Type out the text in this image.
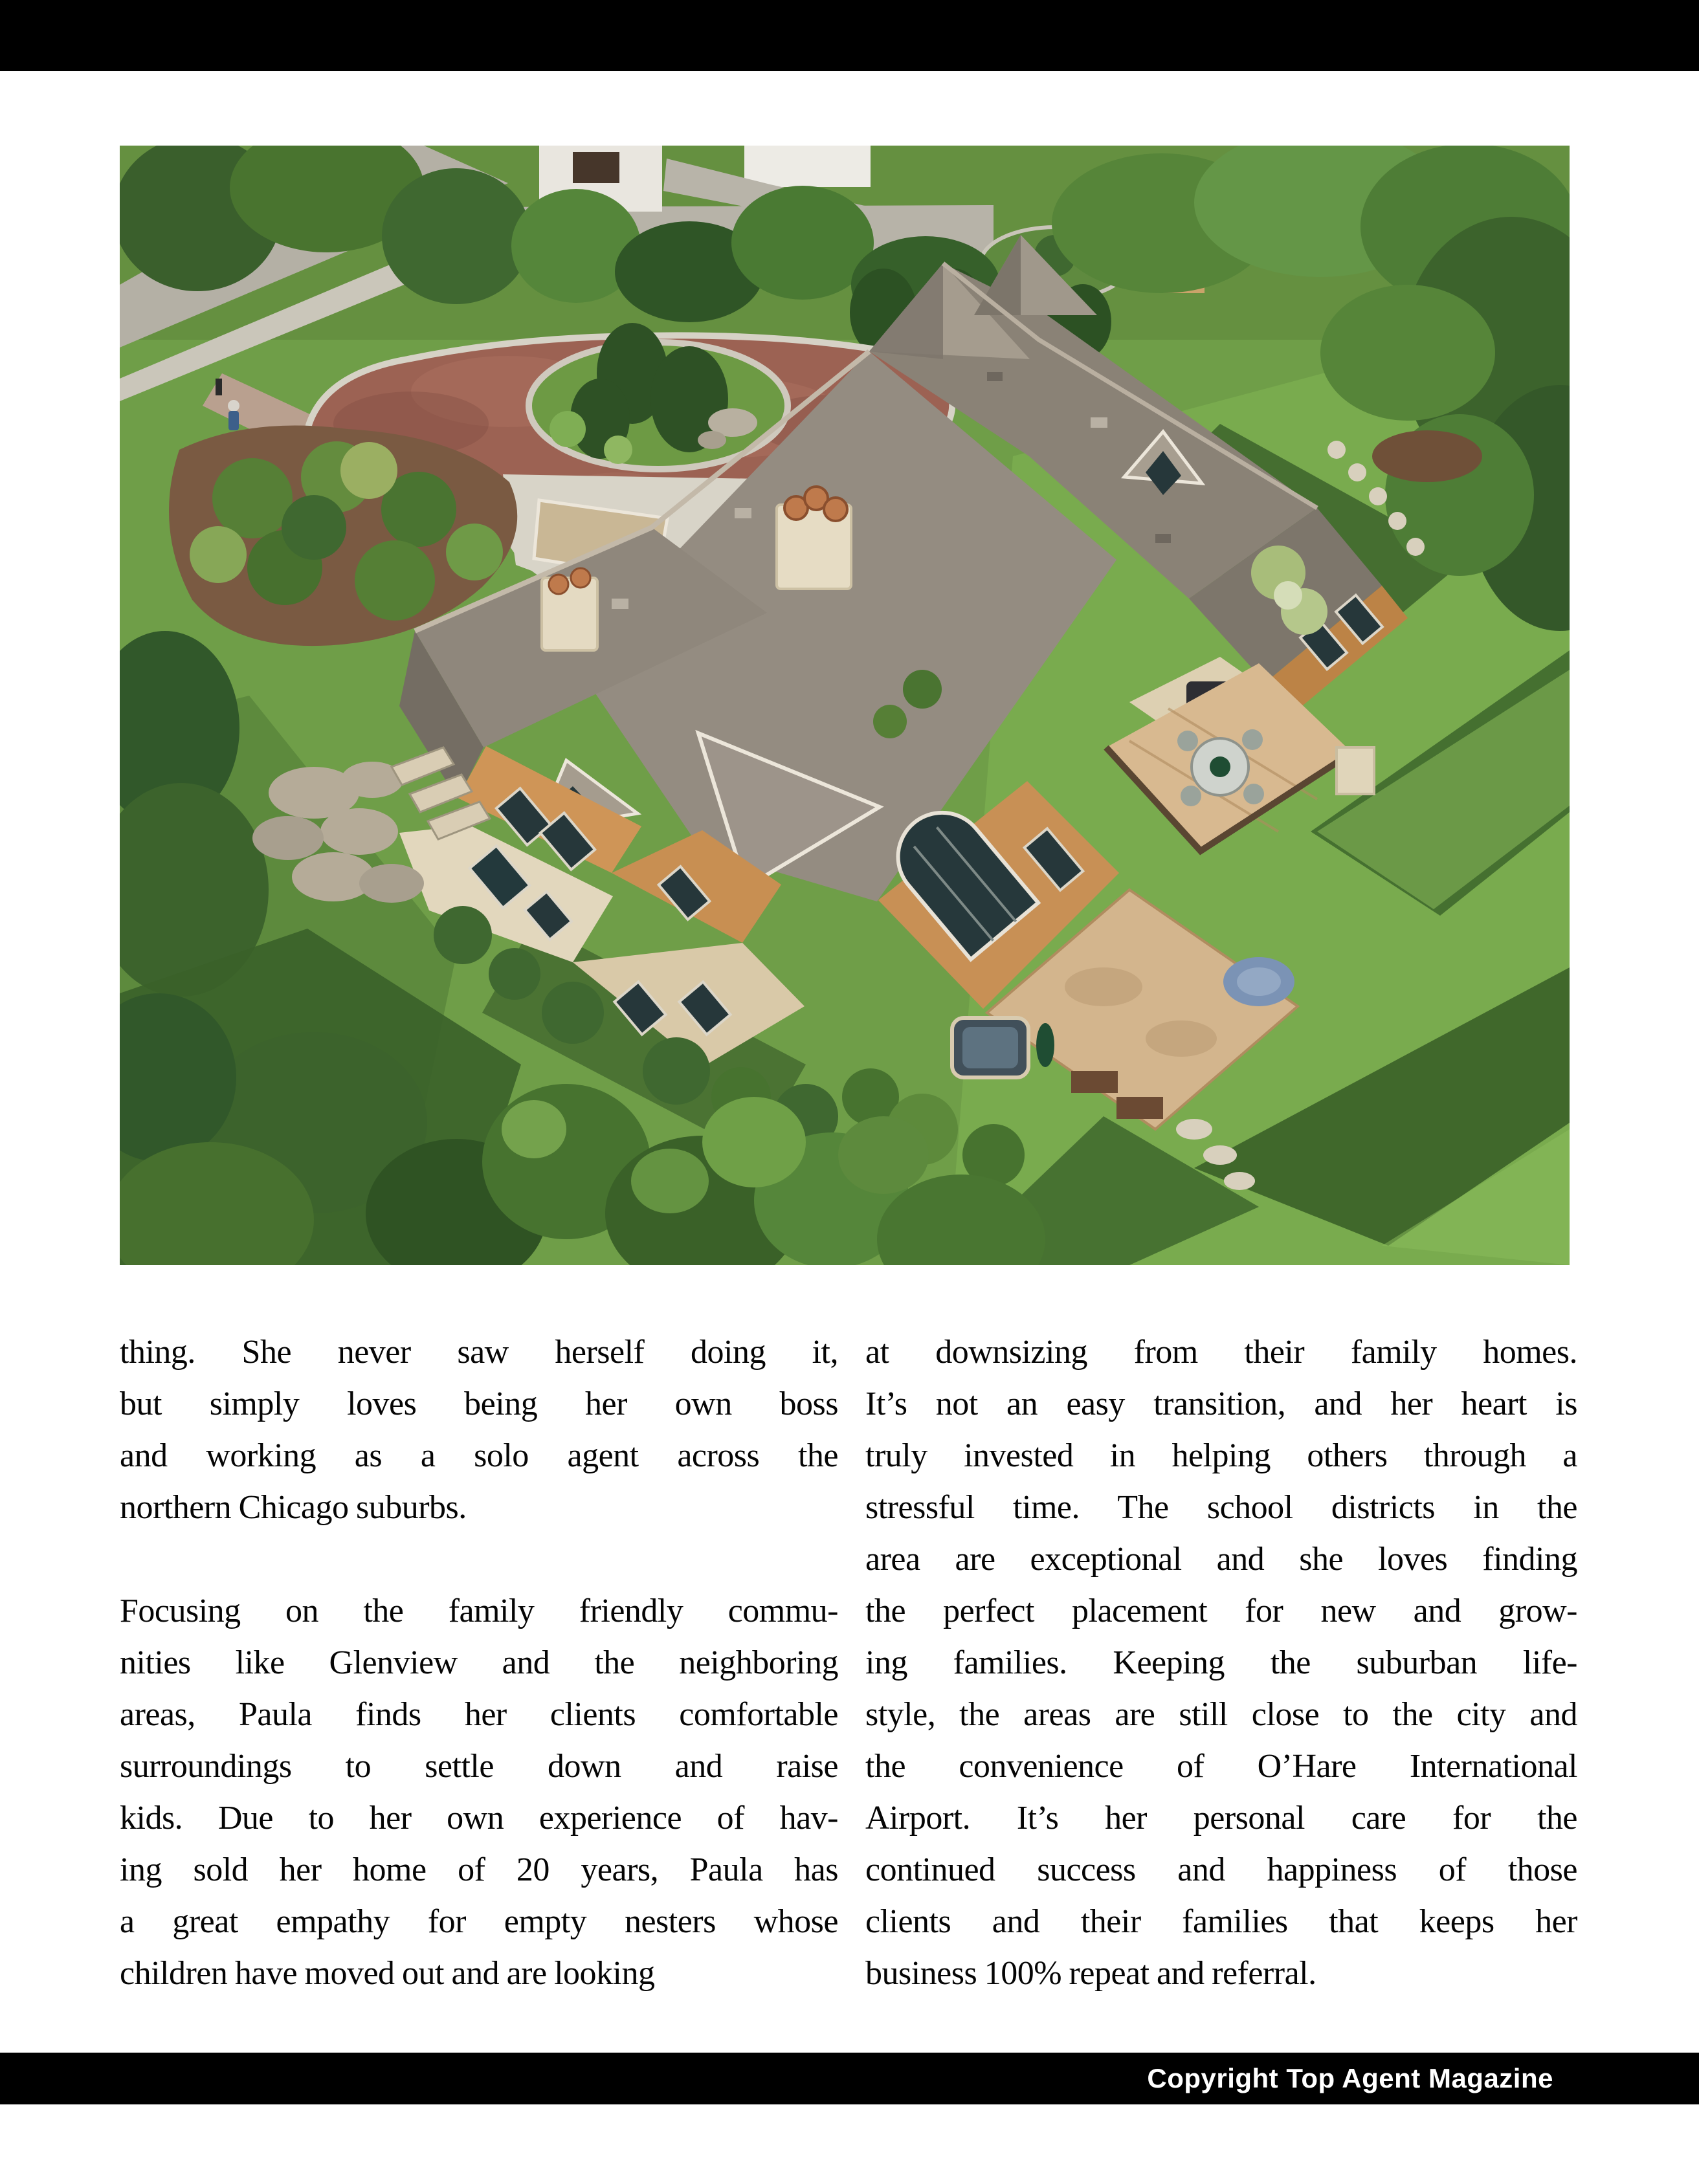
thing. She never saw herself doing it,
but simply loves being her own boss
and working as a solo agent across the
northern Chicago suburbs.
Focusing on the family friendly commu-
nities like Glenview and the neighboring
areas, Paula finds her clients comfortable
surroundings to settle down and raise
kids. Due to her own experience of hav-
ing sold her home of 20 years, Paula has
a great empathy for empty nesters whose
children have moved out and are looking
at downsizing from their family homes.
It’s not an easy transition, and her heart is
truly invested in helping others through a
stressful time. The school districts in the
area are exceptional and she loves finding
the perfect placement for new and grow-
ing families. Keeping the suburban life-
style, the areas are still close to the city and
the convenience of O’Hare International
Airport. It’s her personal care for the
continued success and happiness of those
clients and their families that keeps her
business 100% repeat and referral.
Copyright Top Agent Magazine
